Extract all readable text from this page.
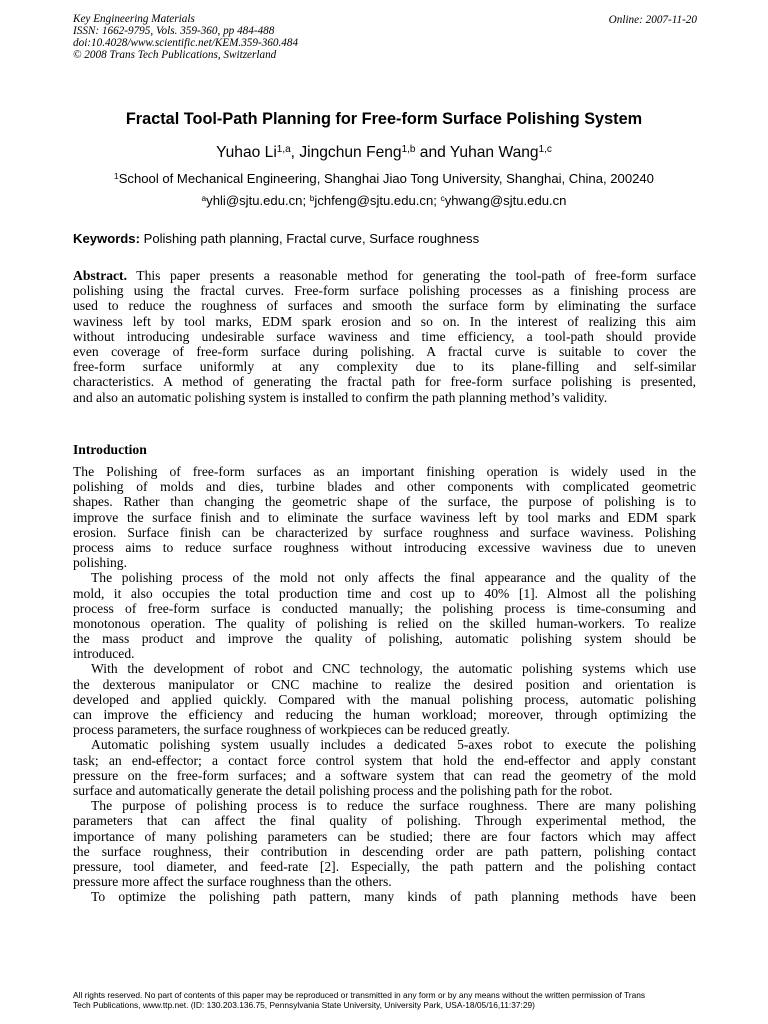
Key Engineering Materials
ISSN: 1662-9795, Vols. 359-360, pp 484-488
doi:10.4028/www.scientific.net/KEM.359-360.484
© 2008 Trans Tech Publications, Switzerland
Online: 2007-11-20
Fractal Tool-Path Planning for Free-form Surface Polishing System
Yuhao Li$^{1,a}$, Jingchun Feng$^{1,b}$ and Yuhan Wang$^{1,c}$
$^1$School of Mechanical Engineering, Shanghai Jiao Tong University, Shanghai, China, 200240
$^a$yhli@sjtu.edu.cn; $^b$jchfeng@sjtu.edu.cn; $^c$yhwang@sjtu.edu.cn
Keywords: Polishing path planning, Fractal curve, Surface roughness
Abstract. This paper presents a reasonable method for generating the tool-path of free-form surface
polishing using the fractal curves. Free-form surface polishing processes as a finishing process are
used to reduce the roughness of surfaces and smooth the surface form by eliminating the surface
waviness left by tool marks, EDM spark erosion and so on. In the interest of realizing this aim
without introducing undesirable surface waviness and time efficiency, a tool-path should provide
even coverage of free-form surface during polishing. A fractal curve is suitable to cover the
free-form surface uniformly at any complexity due to its plane-filling and self-similar
characteristics. A method of generating the fractal path for free-form surface polishing is presented,
and also an automatic polishing system is installed to confirm the path planning method’s validity.
Introduction
The Polishing of free-form surfaces as an important finishing operation is widely used in the
polishing of molds and dies, turbine blades and other components with complicated geometric
shapes. Rather than changing the geometric shape of the surface, the purpose of polishing is to
improve the surface finish and to eliminate the surface waviness left by tool marks and EDM spark
erosion. Surface finish can be characterized by surface roughness and surface waviness. Polishing
process aims to reduce surface roughness without introducing excessive waviness due to uneven
polishing.
The polishing process of the mold not only affects the final appearance and the quality of the
mold, it also occupies the total production time and cost up to 40% [1]. Almost all the polishing
process of free-form surface is conducted manually; the polishing process is time-consuming and
monotonous operation. The quality of polishing is relied on the skilled human-workers. To realize
the mass product and improve the quality of polishing, automatic polishing system should be
introduced.
With the development of robot and CNC technology, the automatic polishing systems which use
the dexterous manipulator or CNC machine to realize the desired position and orientation is
developed and applied quickly. Compared with the manual polishing process, automatic polishing
can improve the efficiency and reducing the human workload; moreover, through optimizing the
process parameters, the surface roughness of workpieces can be reduced greatly.
Automatic polishing system usually includes a dedicated 5-axes robot to execute the polishing
task; an end-effector; a contact force control system that hold the end-effector and apply constant
pressure on the free-form surfaces; and a software system that can read the geometry of the mold
surface and automatically generate the detail polishing process and the polishing path for the robot.
The purpose of polishing process is to reduce the surface roughness. There are many polishing
parameters that can affect the final quality of polishing. Through experimental method, the
importance of many polishing parameters can be studied; there are four factors which may affect
the surface roughness, their contribution in descending order are path pattern, polishing contact
pressure, tool diameter, and feed-rate [2]. Especially, the path pattern and the polishing contact
pressure more affect the surface roughness than the others.
To optimize the polishing path pattern, many kinds of path planning methods have been
All rights reserved. No part of contents of this paper may be reproduced or transmitted in any form or by any means without the written permission of Trans
Tech Publications, www.ttp.net. (ID: 130.203.136.75, Pennsylvania State University, University Park, USA-18/05/16,11:37:29)
